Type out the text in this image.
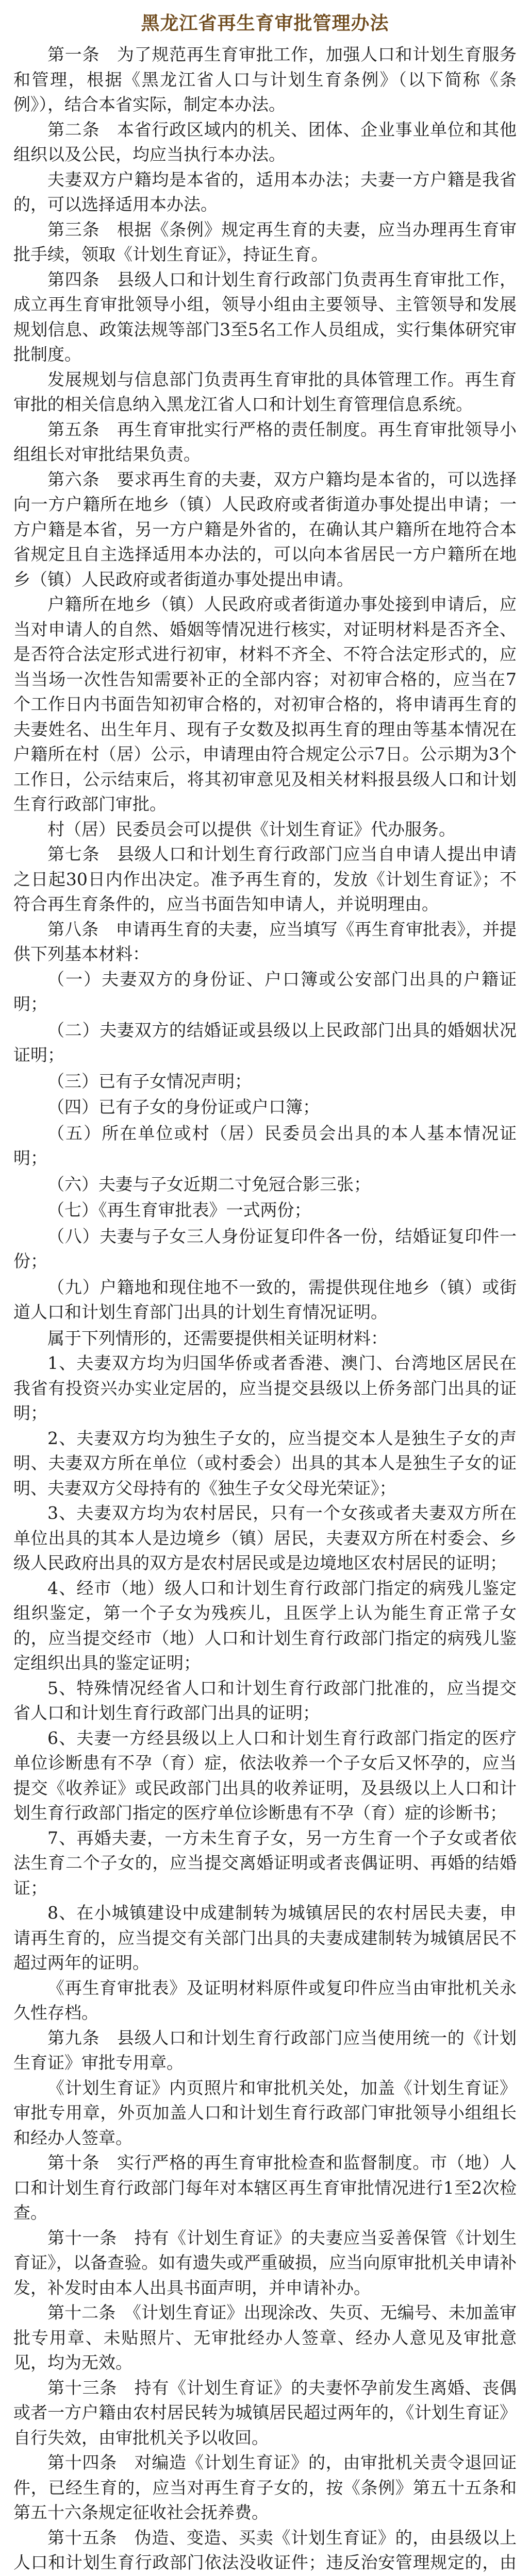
黑龙江省再生育审批管理办法

第一条　为了规范再生育审批工作，加强人口和计划生育服务和管理，根据《黑龙江省人口与计划生育条例》（以下简称《条例》），结合本省实际，制定本办法。

第二条　本省行政区域内的机关、团体、企业事业单位和其他组织以及公民，均应当执行本办法。

夫妻双方户籍均是本省的，适用本办法；夫妻一方户籍是我省的，可以选择适用本办法。

第三条　根据《条例》规定再生育的夫妻，应当办理再生育审批手续，领取《计划生育证》，持证生育。

第四条　县级人口和计划生育行政部门负责再生育审批工作，成立再生育审批领导小组，领导小组由主要领导、主管领导和发展规划信息、政策法规等部门3至5名工作人员组成，实行集体研究审批制度。

发展规划与信息部门负责再生育审批的具体管理工作。再生育审批的相关信息纳入黑龙江省人口和计划生育管理信息系统。

第五条　再生育审批实行严格的责任制度。再生育审批领导小组组长对审批结果负责。

第六条　要求再生育的夫妻，双方户籍均是本省的，可以选择向一方户籍所在地乡（镇）人民政府或者街道办事处提出申请；一方户籍是本省，另一方户籍是外省的，在确认其户籍所在地符合本省规定且自主选择适用本办法的，可以向本省居民一方户籍所在地乡（镇）人民政府或者街道办事处提出申请。

户籍所在地乡（镇）人民政府或者街道办事处接到申请后，应当对申请人的自然、婚姻等情况进行核实，对证明材料是否齐全、是否符合法定形式进行初审，材料不齐全、不符合法定形式的，应当当场一次性告知需要补正的全部内容；对初审合格的，应当在7个工作日内书面告知初审合格的，对初审合格的，将申请再生育的夫妻姓名、出生年月、现有子女数及拟再生育的理由等基本情况在户籍所在村（居）公示，申请理由符合规定公示7日。公示期为3个工作日，公示结束后，将其初审意见及相关材料报县级人口和计划生育行政部门审批。

村（居）民委员会可以提供《计划生育证》代办服务。

第七条　县级人口和计划生育行政部门应当自申请人提出申请之日起30日内作出决定。准予再生育的，发放《计划生育证》；不符合再生育条件的，应当书面告知申请人，并说明理由。

第八条　申请再生育的夫妻，应当填写《再生育审批表》，并提供下列基本材料：

（一）夫妻双方的身份证、户口簿或公安部门出具的户籍证明；

（二）夫妻双方的结婚证或县级以上民政部门出具的婚姻状况证明；

（三）已有子女情况声明；

（四）已有子女的身份证或户口簿；

（五）所在单位或村（居）民委员会出具的本人基本情况证明；

（六）夫妻与子女近期二寸免冠合影三张；

（七）《再生育审批表》一式两份；

（八）夫妻与子女三人身份证复印件各一份，结婚证复印件一份；

（九）户籍地和现住地不一致的，需提供现住地乡（镇）或街道人口和计划生育部门出具的计划生育情况证明。

属于下列情形的，还需要提供相关证明材料：

1、夫妻双方均为归国华侨或者香港、澳门、台湾地区居民在我省有投资兴办实业定居的，应当提交县级以上侨务部门出具的证明；

2、夫妻双方均为独生子女的，应当提交本人是独生子女的声明、夫妻双方所在单位（或村委会）出具的其本人是独生子女的证明、夫妻双方父母持有的《独生子女父母光荣证》；

3、夫妻双方均为农村居民，只有一个女孩或者夫妻双方所在单位出具的其本人是边境乡（镇）居民，夫妻双方所在村委会、乡级人民政府出具的双方是农村居民或是边境地区农村居民的证明；

4、经市（地）级人口和计划生育行政部门指定的病残儿鉴定组织鉴定，第一个子女为残疾儿，且医学上认为能生育正常子女的，应当提交经市（地）人口和计划生育行政部门指定的病残儿鉴定组织出具的鉴定证明；

5、特殊情况经省人口和计划生育行政部门批准的，应当提交省人口和计划生育行政部门出具的证明；

6、夫妻一方经县级以上人口和计划生育行政部门指定的医疗单位诊断患有不孕（育）症，依法收养一个子女后又怀孕的，应当提交《收养证》或民政部门出具的收养证明，及县级以上人口和计划生育行政部门指定的医疗单位诊断患有不孕（育）症的诊断书；

7、再婚夫妻，一方未生育子女，另一方生育一个子女或者依法生育二个子女的，应当提交离婚证明或者丧偶证明、再婚的结婚证；

8、在小城镇建设中成建制转为城镇居民的农村居民夫妻，申请再生育的，应当提交有关部门出具的夫妻成建制转为城镇居民不超过两年的证明。

《再生育审批表》及证明材料原件或复印件应当由审批机关永久性存档。

第九条　县级人口和计划生育行政部门应当使用统一的《计划生育证》审批专用章。

《计划生育证》内页照片和审批机关处，加盖《计划生育证》审批专用章，外页加盖人口和计划生育行政部门审批领导小组组长和经办人签章。

第十条　实行严格的再生育审批检查和监督制度。市（地）人口和计划生育行政部门每年对本辖区再生育审批情况进行1至2次检查。

第十一条　持有《计划生育证》的夫妻应当妥善保管《计划生育证》，以备查验。如有遗失或严重破损，应当向原审批机关申请补发，补发时由本人出具书面声明，并申请补办。

第十二条　《计划生育证》出现涂改、失页、无编号、未加盖审批专用章、未贴照片、无审批经办人签章、经办人意见及审批意见，均为无效。

第十三条　持有《计划生育证》的夫妻怀孕前发生离婚、丧偶或者一方户籍由农村居民转为城镇居民超过两年的，《计划生育证》自行失效，由审批机关予以收回。

第十四条　对编造《计划生育证》的，由审批机关责令退回证件，已经生育的，应当对再生育子女的，按《条例》第五十五条和第五十六条规定征收社会抚养费。

第十五条　伪造、变造、买卖《计划生育证》的，由县级以上人口和计划生育行政部门依法没收证件；违反治安管理规定的，由
